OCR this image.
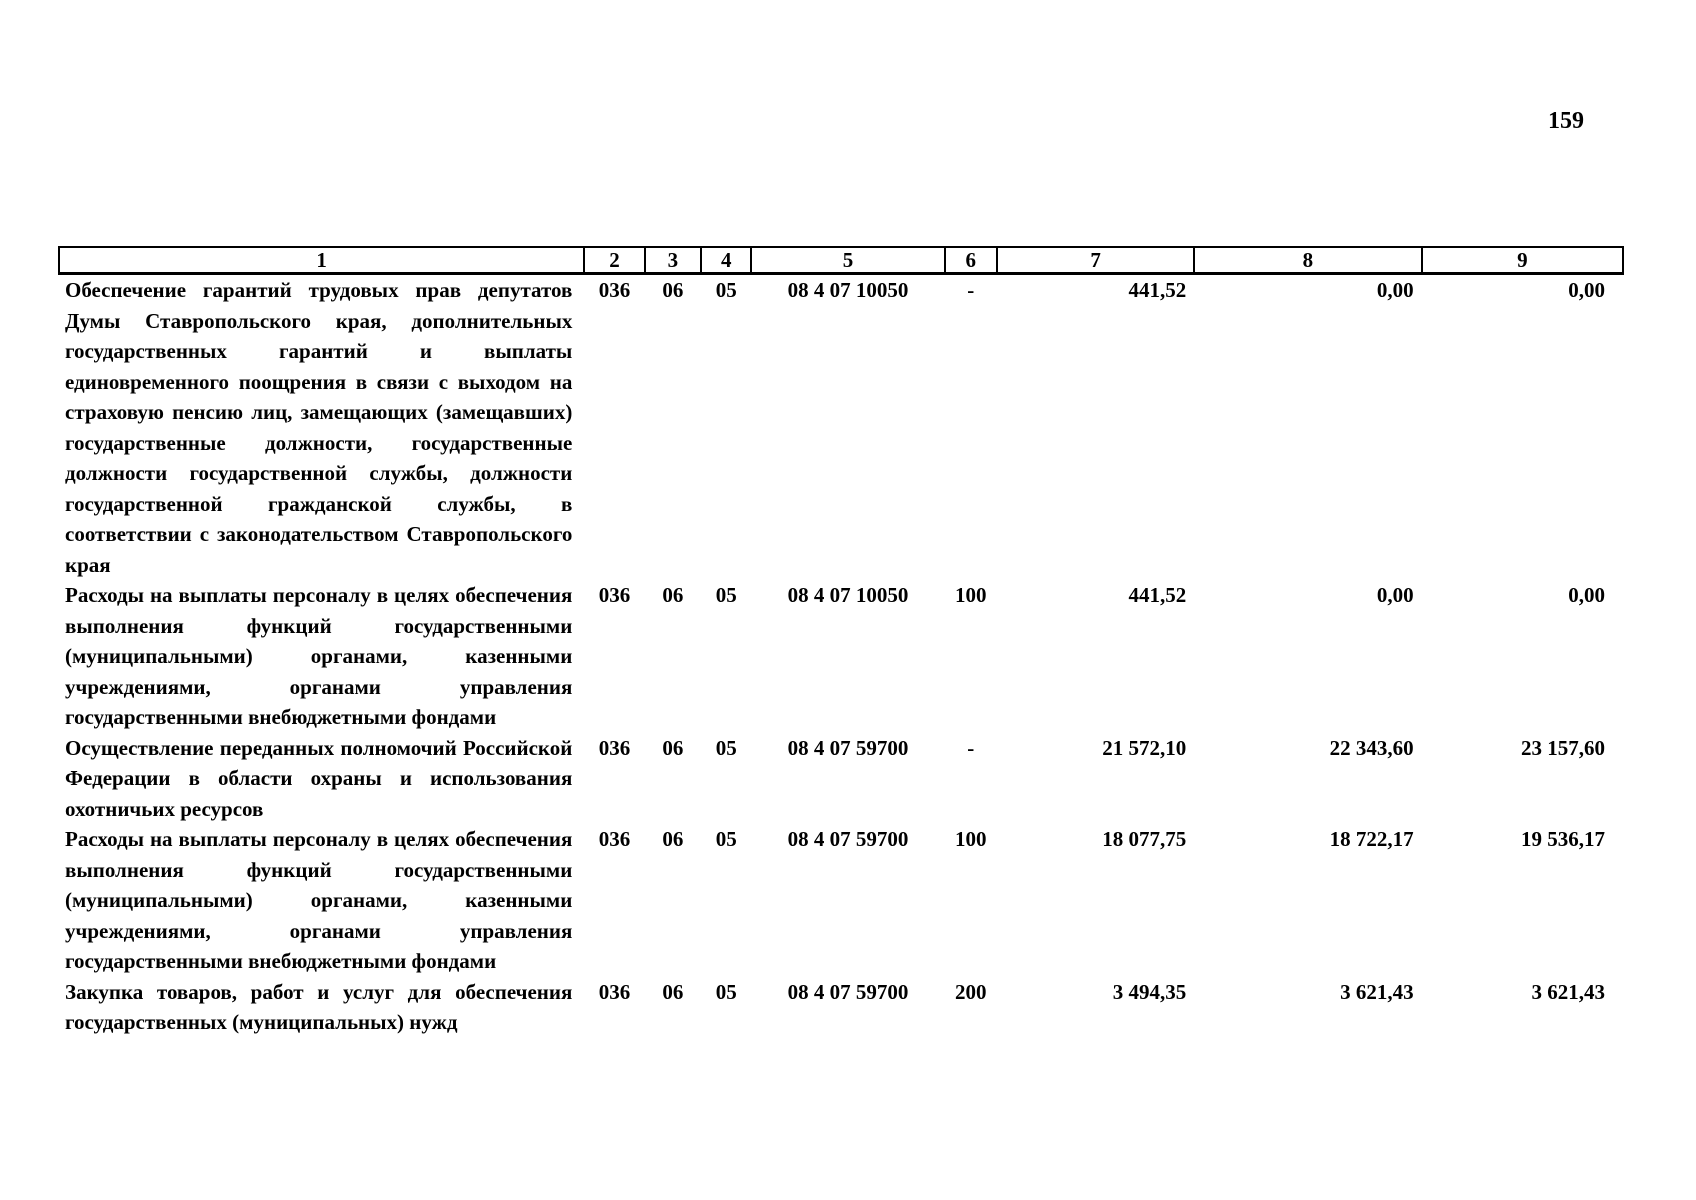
159
1	2	3	4	5	6	7	8	9
Обеспечение гарантий трудовых прав депутатов Думы Ставропольского края, дополнительных государственных гарантий и выплаты единовременного поощрения в связи с выходом на страховую пенсию лиц, замещающих (замещавших) государственные должности, государственные должности государственной службы, должности государственной гражданской службы, в соответствии с законодательством Ставропольского края	036	06	05	08 4 07 10050	-	441,52	0,00	0,00
Расходы на выплаты персоналу в целях обеспечения выполнения функций государственными (муниципальными) органами, казенными учреждениями, органами управления государственными внебюджетными фондами	036	06	05	08 4 07 10050	100	441,52	0,00	0,00
Осуществление переданных полномочий Российской Федерации в области охраны и использования охотничьих ресурсов	036	06	05	08 4 07 59700	-	21 572,10	22 343,60	23 157,60
Расходы на выплаты персоналу в целях обеспечения выполнения функций государственными (муниципальными) органами, казенными учреждениями, органами управления государственными внебюджетными фондами	036	06	05	08 4 07 59700	100	18 077,75	18 722,17	19 536,17
Закупка товаров, работ и услуг для обеспечения государственных (муниципальных) нужд	036	06	05	08 4 07 59700	200	3 494,35	3 621,43	3 621,43
